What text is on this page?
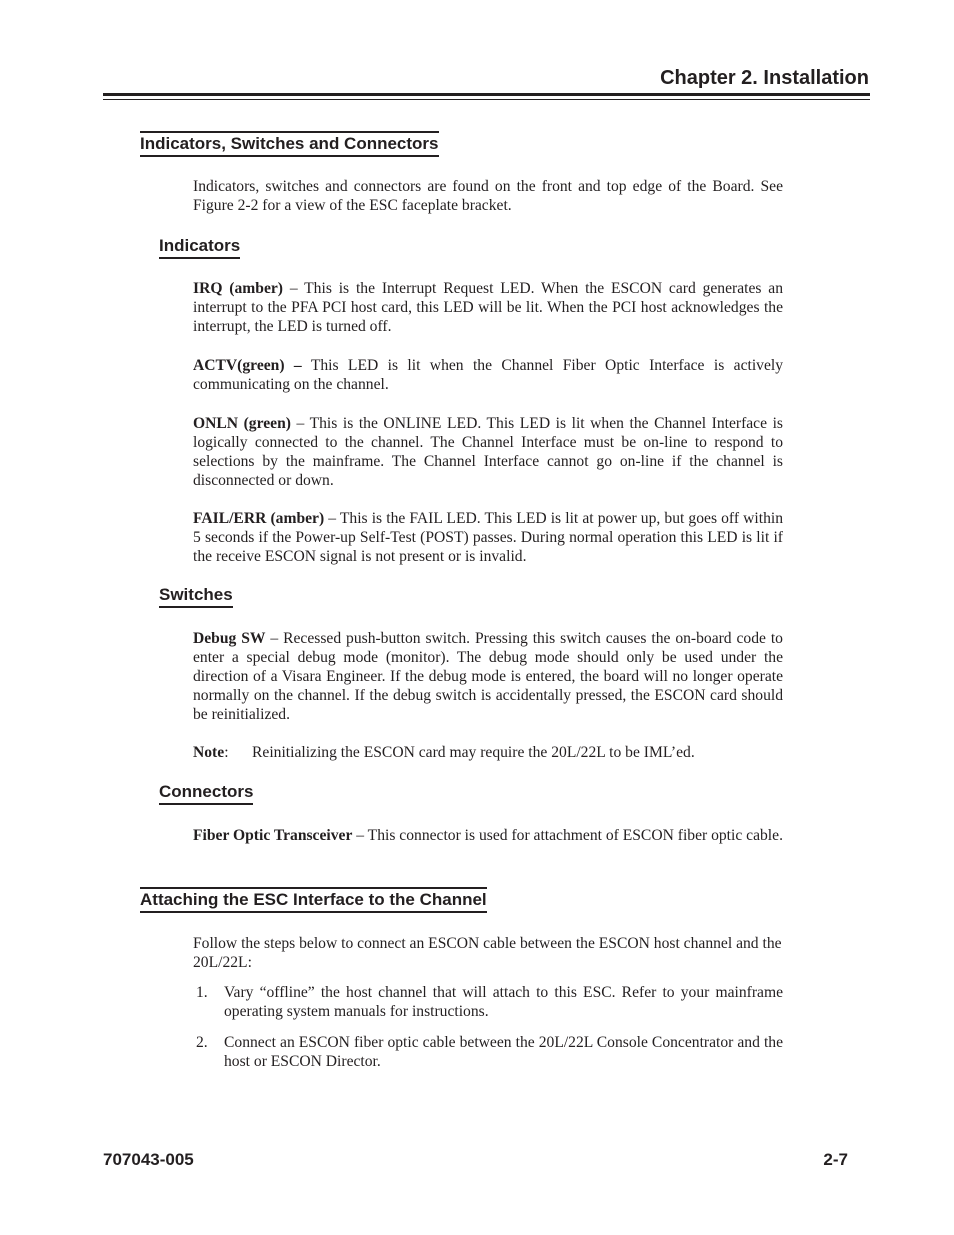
Chapter 2. Installation
Indicators, Switches and Connectors
Indicators, switches and connectors are found on the front and top edge of the Board. See Figure 2-2 for a view of the ESC faceplate bracket.
Indicators
IRQ (amber) – This is the Interrupt Request LED. When the ESCON card generates an interrupt to the PFA PCI host card, this LED will be lit. When the PCI host acknowledges the interrupt, the LED is turned off.
ACTV(green) – This LED is lit when the Channel Fiber Optic Interface is actively communicating on the channel.
ONLN (green) – This is the ONLINE LED. This LED is lit when the Channel Interface is logically connected to the channel. The Channel Interface must be on-line to respond to selections by the mainframe. The Channel Interface cannot go on-line if the channel is disconnected or down.
FAIL/ERR (amber) – This is the FAIL LED. This LED is lit at power up, but goes off within 5 seconds if the Power-up Self-Test (POST) passes. During normal operation this LED is lit if the receive ESCON signal is not present or is invalid.
Switches
Debug SW – Recessed push-button switch. Pressing this switch causes the on-board code to enter a special debug mode (monitor). The debug mode should only be used under the direction of a Visara Engineer. If the debug mode is entered, the board will no longer operate normally on the channel. If the debug switch is accidentally pressed, the ESCON card should be reinitialized.
Note: Reinitializing the ESCON card may require the 20L/22L to be IML’ed.
Connectors
Fiber Optic Transceiver – This connector is used for attachment of ESCON fiber optic cable.
Attaching the ESC Interface to the Channel
Follow the steps below to connect an ESCON cable between the ESCON host channel and the 20L/22L:
1. Vary “offline” the host channel that will attach to this ESC. Refer to your mainframe operating system manuals for instructions.
2. Connect an ESCON fiber optic cable between the 20L/22L Console Concentrator and the host or ESCON Director.
707043-005	2-7
